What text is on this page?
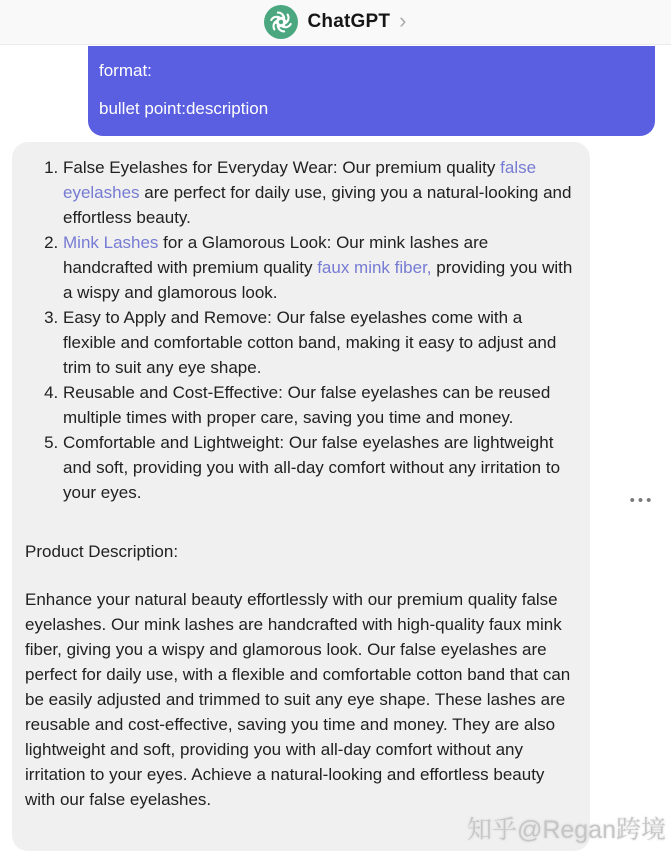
ChatGPT ›

format:

bullet point:description

1. False Eyelashes for Everyday Wear: Our premium quality false eyelashes are perfect for daily use, giving you a natural-looking and effortless beauty.
2. Mink Lashes for a Glamorous Look: Our mink lashes are handcrafted with premium quality faux mink fiber, providing you with a wispy and glamorous look.
3. Easy to Apply and Remove: Our false eyelashes come with a flexible and comfortable cotton band, making it easy to adjust and trim to suit any eye shape.
4. Reusable and Cost-Effective: Our false eyelashes can be reused multiple times with proper care, saving you time and money.
5. Comfortable and Lightweight: Our false eyelashes are lightweight and soft, providing you with all-day comfort without any irritation to your eyes.

Product Description:

Enhance your natural beauty effortlessly with our premium quality false eyelashes. Our mink lashes are handcrafted with high-quality faux mink fiber, giving you a wispy and glamorous look. Our false eyelashes are perfect for daily use, with a flexible and comfortable cotton band that can be easily adjusted and trimmed to suit any eye shape. These lashes are reusable and cost-effective, saving you time and money. They are also lightweight and soft, providing you with all-day comfort without any irritation to your eyes. Achieve a natural-looking and effortless beauty with our false eyelashes.

•••
知乎@Regan跨境
